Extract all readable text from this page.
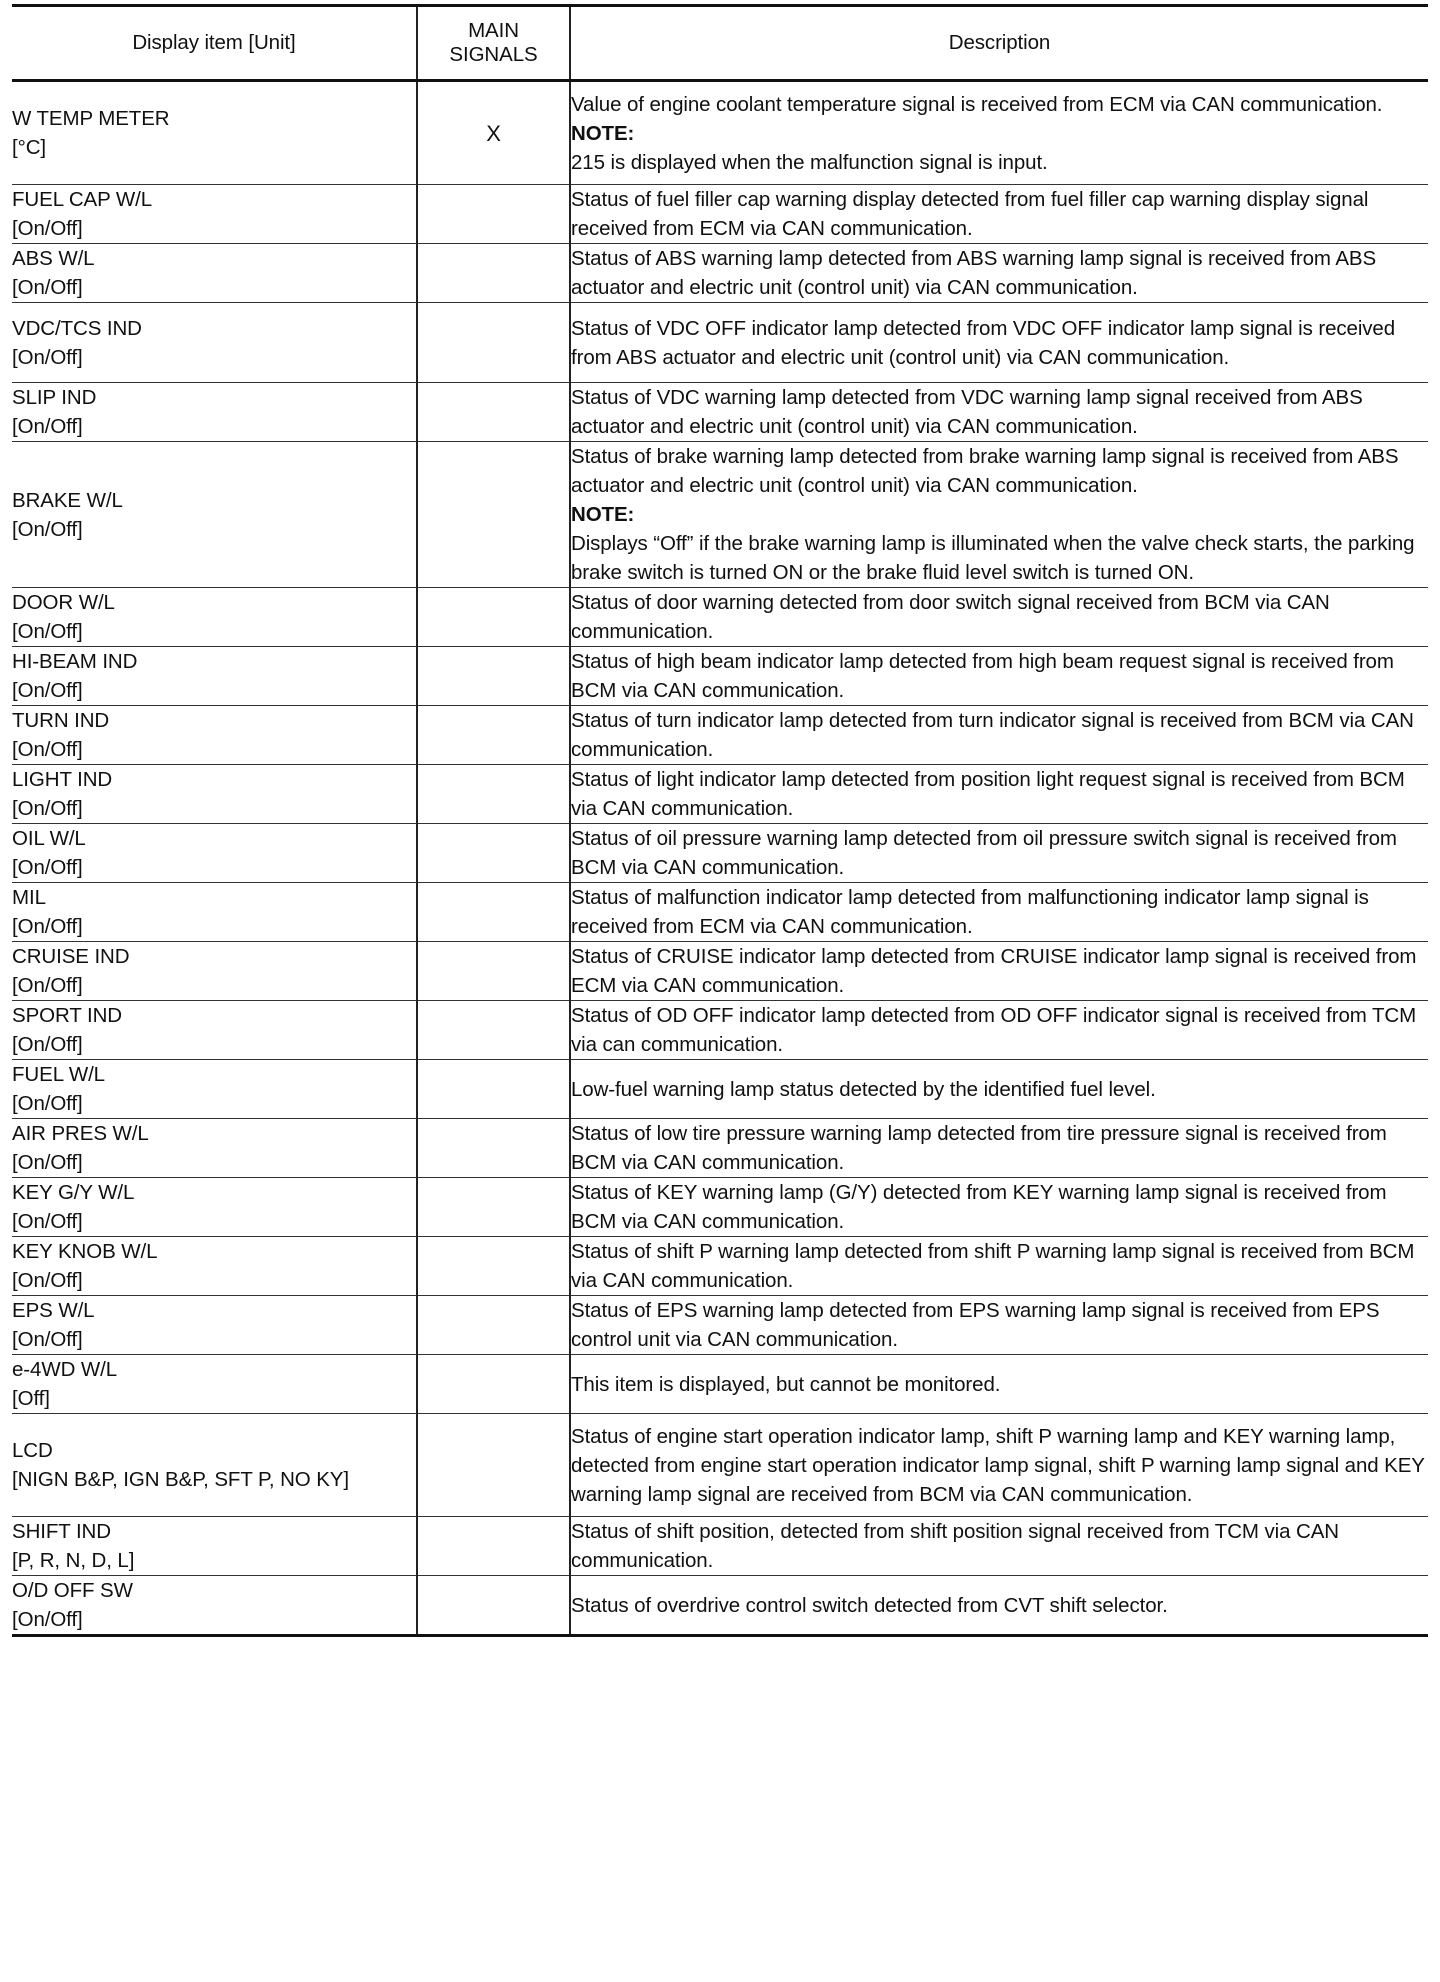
Display item [Unit]	MAIN
SIGNALS	Description
W TEMP METER
[°C]	X	Value of engine coolant temperature signal is received from ECM via CAN communication.
NOTE:
215 is displayed when the malfunction signal is input.
FUEL CAP W/L
[On/Off]		Status of fuel filler cap warning display detected from fuel filler cap warning display signal received from ECM via CAN communication.
ABS W/L
[On/Off]		Status of ABS warning lamp detected from ABS warning lamp signal is received from ABS actuator and electric unit (control unit) via CAN communication.
VDC/TCS IND
[On/Off]		Status of VDC OFF indicator lamp detected from VDC OFF indicator lamp signal is received from ABS actuator and electric unit (control unit) via CAN communication.
SLIP IND
[On/Off]		Status of VDC warning lamp detected from VDC warning lamp signal received from ABS actuator and electric unit (control unit) via CAN communication.
BRAKE W/L
[On/Off]		Status of brake warning lamp detected from brake warning lamp signal is received from ABS actuator and electric unit (control unit) via CAN communication.
NOTE:
Displays “Off” if the brake warning lamp is illuminated when the valve check starts, the parking brake switch is turned ON or the brake fluid level switch is turned ON.
DOOR W/L
[On/Off]		Status of door warning detected from door switch signal received from BCM via CAN communication.
HI-BEAM IND
[On/Off]		Status of high beam indicator lamp detected from high beam request signal is received from BCM via CAN communication.
TURN IND
[On/Off]		Status of turn indicator lamp detected from turn indicator signal is received from BCM via CAN communication.
LIGHT IND
[On/Off]		Status of light indicator lamp detected from position light request signal is received from BCM via CAN communication.
OIL W/L
[On/Off]		Status of oil pressure warning lamp detected from oil pressure switch signal is received from BCM via CAN communication.
MIL
[On/Off]		Status of malfunction indicator lamp detected from malfunctioning indicator lamp signal is received from ECM via CAN communication.
CRUISE IND
[On/Off]		Status of CRUISE indicator lamp detected from CRUISE indicator lamp signal is received from ECM via CAN communication.
SPORT IND
[On/Off]		Status of OD OFF indicator lamp detected from OD OFF indicator signal is received from TCM via can communication.
FUEL W/L
[On/Off]		Low-fuel warning lamp status detected by the identified fuel level.
AIR PRES W/L
[On/Off]		Status of low tire pressure warning lamp detected from tire pressure signal is received from BCM via CAN communication.
KEY G/Y W/L
[On/Off]		Status of KEY warning lamp (G/Y) detected from KEY warning lamp signal is received from BCM via CAN communication.
KEY KNOB W/L
[On/Off]		Status of shift P warning lamp detected from shift P warning lamp signal is received from BCM via CAN communication.
EPS W/L
[On/Off]		Status of EPS warning lamp detected from EPS warning lamp signal is received from EPS control unit via CAN communication.
e-4WD W/L
[Off]		This item is displayed, but cannot be monitored.
LCD
[NIGN B&P, IGN B&P, SFT P, NO KY]		Status of engine start operation indicator lamp, shift P warning lamp and KEY warning lamp, detected from engine start operation indicator lamp signal, shift P warning lamp signal and KEY warning lamp signal are received from BCM via CAN communication.
SHIFT IND
[P, R, N, D, L]		Status of shift position, detected from shift position signal received from TCM via CAN communication.
O/D OFF SW
[On/Off]		Status of overdrive control switch detected from CVT shift selector.
